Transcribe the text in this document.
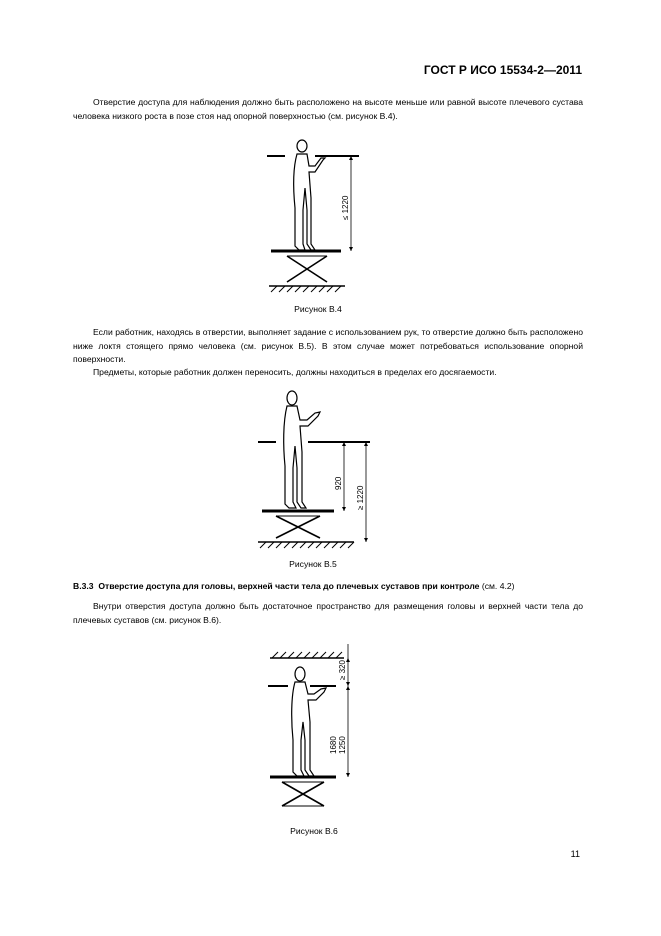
ГОСТ Р ИСО 15534-2—2011
Отверстие доступа для наблюдения должно быть расположено на высоте меньше или равной высоте плечевого сустава человека низкого роста в позе стоя над опорной поверхностью (см. рисунок В.4).
≤ 1220
Рисунок В.4
Если работник, находясь в отверстии, выполняет задание с использованием рук, то отверстие должно быть расположено ниже локтя стоящего прямо человека (см. рисунок В.5). В этом случае может потребоваться использование опорной поверхности.
Предметы, которые работник должен переносить, должны находиться в пределах его досягаемости.
920
≥ 1220
Рисунок В.5
B.3.3 Отверстие доступа для головы, верхней части тела до плечевых суставов при контроле (см. 4.2)
Внутри отверстия доступа должно быть достаточное пространство для размещения головы и верхней части тела до плечевых суставов (см. рисунок В.6).
≥ 320
1680 1250
Рисунок В.6
11
